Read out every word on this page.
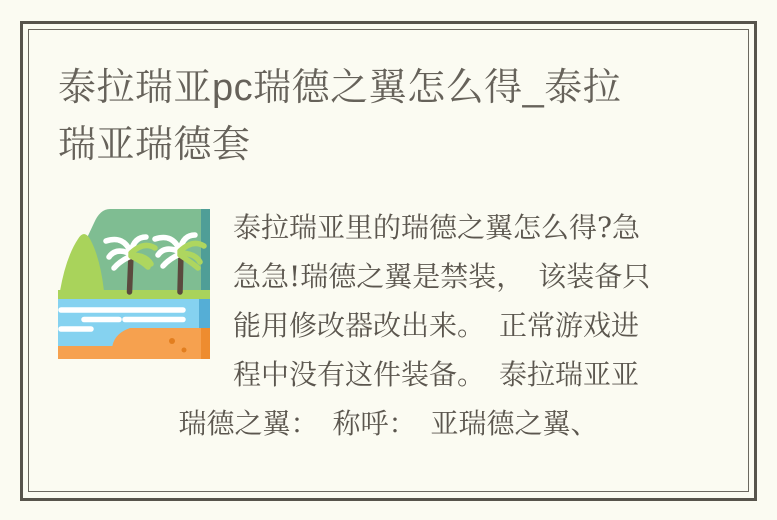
泰拉瑞亚pc瑞德之翼怎么得_泰拉瑞亚瑞德套
泰拉瑞亚里的瑞德之翼怎么得?急
急急!瑞德之翼是禁装，　该装备只
能用修改器改出来。　正常游戏进
程中没有这件装备。　泰拉瑞亚亚
瑞德之翼：　称呼：　亚瑞德之翼、
